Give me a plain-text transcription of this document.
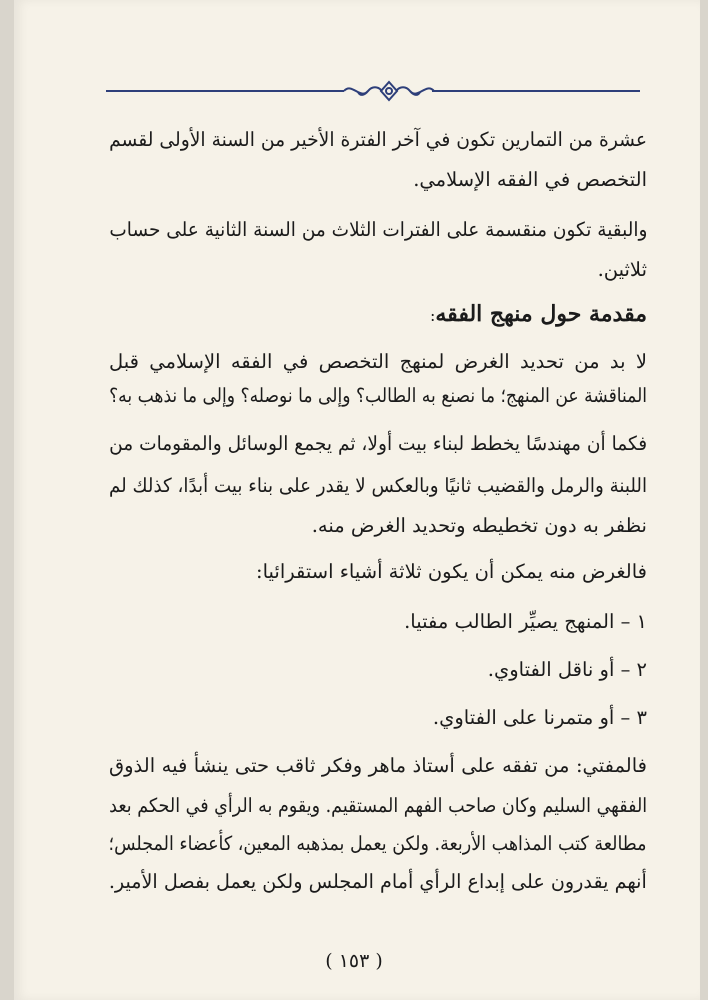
عشرة من التمارين تكون في آخر الفترة الأخير من السنة الأولى لقسم
التخصص في الفقه الإسلامي.
والبقية تكون منقسمة على الفترات الثلاث من السنة الثانية على حساب
ثلاثين.
مقدمة حول منهج الفقه:
لا بد من تحديد الغرض لمنهج التخصص في الفقه الإسلامي قبل
المناقشة عن المنهج؛ ما نصنع به الطالب؟ وإلى ما نوصله؟ وإلى ما نذهب به؟
فكما أن مهندسًا يخطط لبناء بيت أولا، ثم يجمع الوسائل والمقومات من
اللبنة والرمل والقضيب ثانيًا وبالعكس لا يقدر على بناء بيت أبدًا، كذلك لم
نظفر به دون تخطيطه وتحديد الغرض منه.
فالغرض منه يمكن أن يكون ثلاثة أشياء استقرائيا:
١ – المنهج يصيِّر الطالب مفتيا.
٢ – أو ناقل الفتاوي.
٣ – أو متمرنا على الفتاوي.
فالمفتي: من تفقه على أستاذ ماهر وفكر ثاقب حتى ينشأ فيه الذوق
الفقهي السليم وكان صاحب الفهم المستقيم. ويقوم به الرأي في الحكم بعد
مطالعة كتب المذاهب الأربعة. ولكن يعمل بمذهبه المعين، كأعضاء المجلس؛
أنهم يقدرون على إبداع الرأي أمام المجلس ولكن يعمل بفصل الأمير.
( ١٥٣ )
